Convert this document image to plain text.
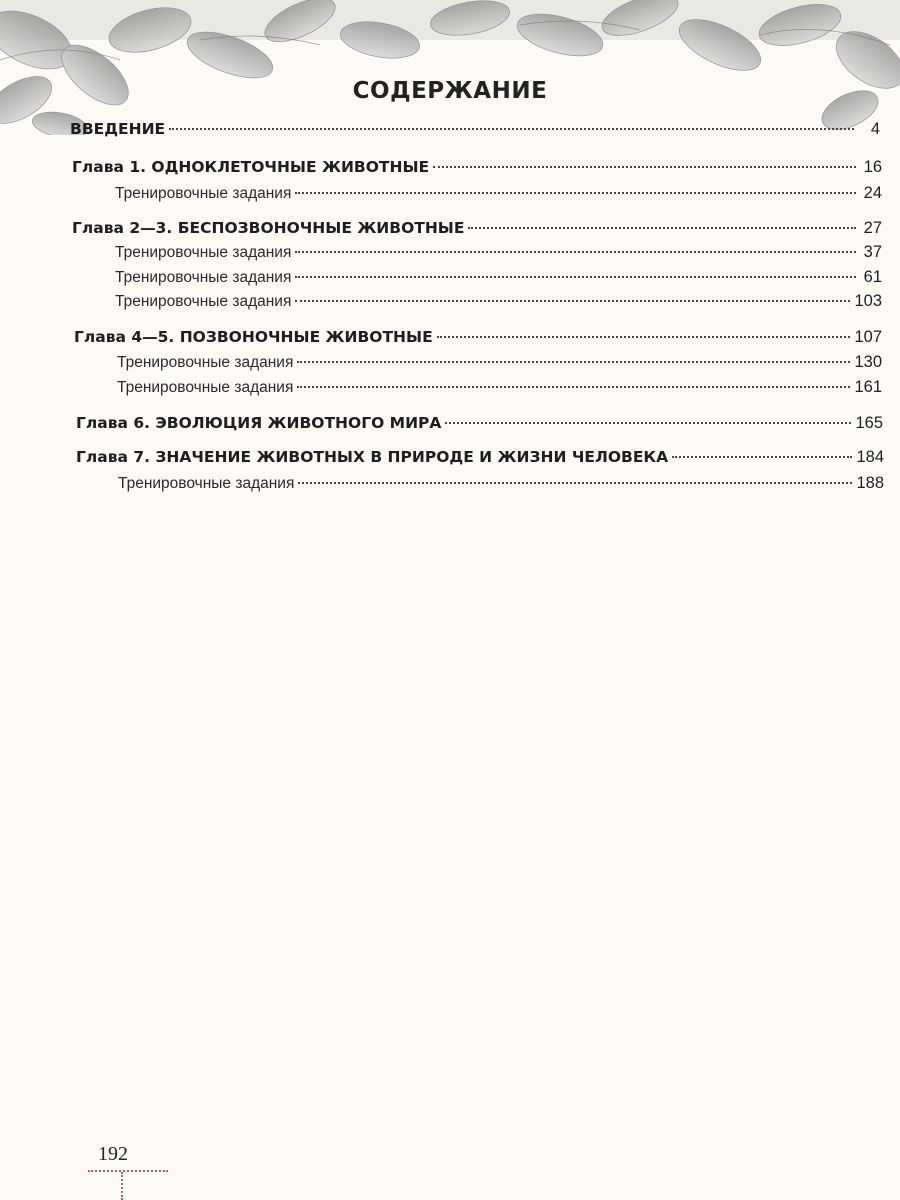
СОДЕРЖАНИЕ
ВВЕДЕНИЕ	4
Глава 1. ОДНОКЛЕТОЧНЫЕ ЖИВОТНЫЕ	16
Тренировочные задания	24
Глава 2—3. БЕСПОЗВОНОЧНЫЕ ЖИВОТНЫЕ	27
Тренировочные задания	37
Тренировочные задания	61
Тренировочные задания	103
Глава 4—5. ПОЗВОНОЧНЫЕ ЖИВОТНЫЕ	107
Тренировочные задания	130
Тренировочные задания	161
Глава 6. ЭВОЛЮЦИЯ ЖИВОТНОГО МИРА	165
Глава 7. ЗНАЧЕНИЕ ЖИВОТНЫХ В ПРИРОДЕ И ЖИЗНИ ЧЕЛОВЕКА	184
Тренировочные задания	188
192
